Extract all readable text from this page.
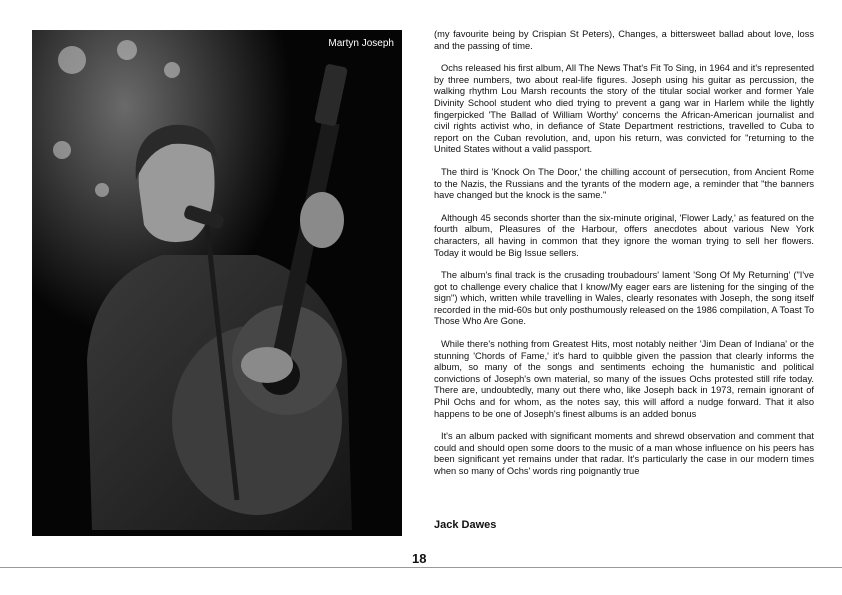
Martyn Joseph

(my favourite being by Crispian St Peters), Changes, a bittersweet ballad about love, loss and the passing of time.

Ochs released his first album, All The News That's Fit To Sing, in 1964 and it's represented by three numbers, two about real-life figures. Joseph using his guitar as percussion, the walking rhythm Lou Marsh recounts the story of the titular social worker and former Yale Divinity School student who died trying to prevent a gang war in Harlem while the lightly fingerpicked 'The Ballad of William Worthy' concerns the African-American journalist and civil rights activist who, in defiance of State Department restrictions, travelled to Cuba to report on the Cuban revolution, and, upon his return, was convicted for "returning to the United States without a valid passport.

The third is 'Knock On The Door,' the chilling account of persecution, from Ancient Rome to the Nazis, the Russians and the tyrants of the modern age, a reminder that "the banners have changed but the knock is the same."

Although 45 seconds shorter than the six-minute original, 'Flower Lady,' as featured on the fourth album, Pleasures of the Harbour, offers anecdotes about various New York characters, all having in common that they ignore the woman trying to sell her flowers. Today it would be Big Issue sellers.

The album's final track is the crusading troubadours' lament 'Song Of My Returning' ("I've got to challenge every chalice that I know/My eager ears are listening for the singing of the sign") which, written while travelling in Wales, clearly resonates with Joseph, the song itself recorded in the mid-60s but only posthumously released on the 1986 compilation, A Toast To Those Who Are Gone.

While there's nothing from Greatest Hits, most notably neither 'Jim Dean of Indiana' or the stunning 'Chords of Fame,' it's hard to quibble given the passion that clearly informs the album, so many of the songs and sentiments echoing the humanistic and political convictions of Joseph's own material, so many of the issues Ochs protested still rife today. There are, undoubtedly, many out there who, like Joseph back in 1973, remain ignorant of Phil Ochs and for whom, as the notes say, this will afford a nudge forward. That it also happens to be one of Joseph's finest albums is an added bonus

It's an album packed with significant moments and shrewd observation and comment that could and should open some doors to the music of a man whose influence on his peers has been significant yet remains under that radar. It's particularly the case in our modern times when so many of Ochs' words ring poignantly true

Jack Dawes
18
